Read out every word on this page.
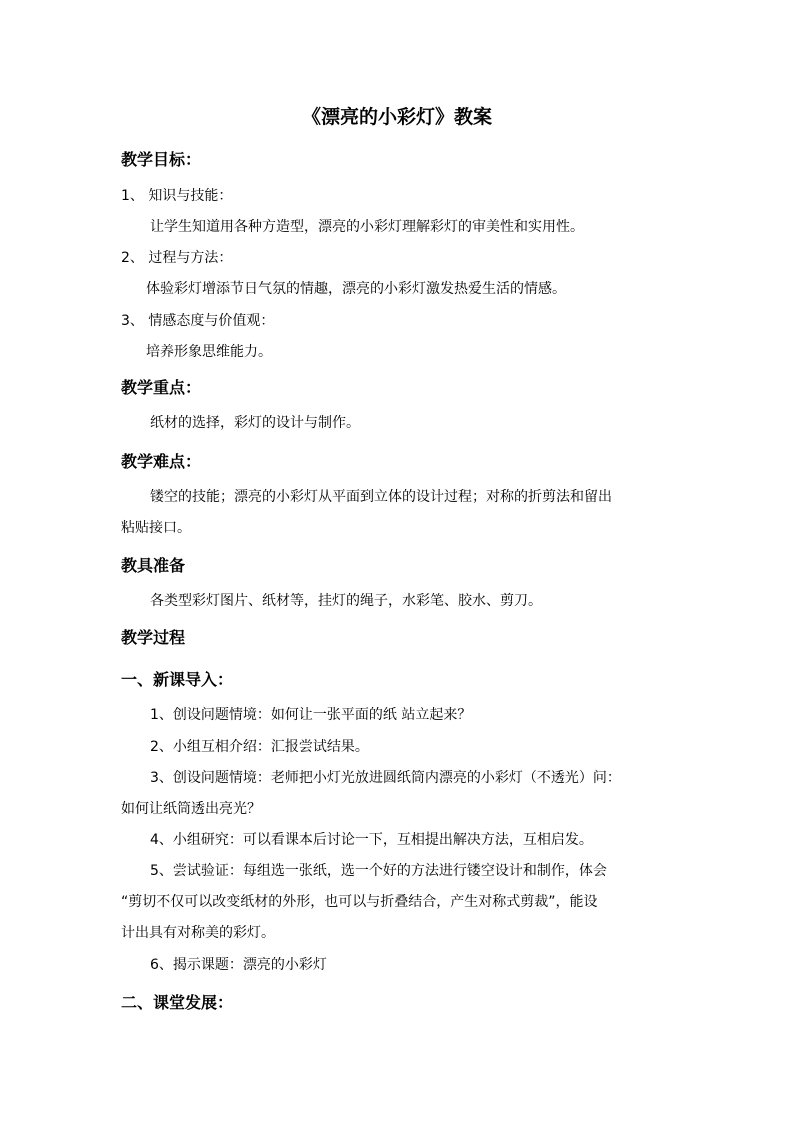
《漂亮的小彩灯》教案
教学目标：
1、 知识与技能：
让学生知道用各种方造型，漂亮的小彩灯理解彩灯的审美性和实用性。
2、 过程与方法：
体验彩灯增添节日气氛的情趣，漂亮的小彩灯激发热爱生活的情感。
3、 情感态度与价值观：
培养形象思维能力。
教学重点：
纸材的选择，彩灯的设计与制作。
教学难点：
镂空的技能；漂亮的小彩灯从平面到立体的设计过程；对称的折剪法和留出
粘贴接口。
教具准备
各类型彩灯图片、纸材等，挂灯的绳子，水彩笔、胶水、剪刀。
教学过程
一、新课导入：
1、创设问题情境：如何让一张平面的纸 站立起来？
2、小组互相介绍：汇报尝试结果。
3、创设问题情境：老师把小灯光放进圆纸筒内漂亮的小彩灯（不透光）问：
如何让纸筒透出亮光？
4、小组研究：可以看课本后讨论一下，互相提出解决方法，互相启发。
5、尝试验证：每组选一张纸，选一个好的方法进行镂空设计和制作，体会
“剪切不仅可以改变纸材的外形，也可以与折叠结合，产生对称式剪裁”，能设
计出具有对称美的彩灯。
6、揭示课题：漂亮的小彩灯
二、课堂发展：
